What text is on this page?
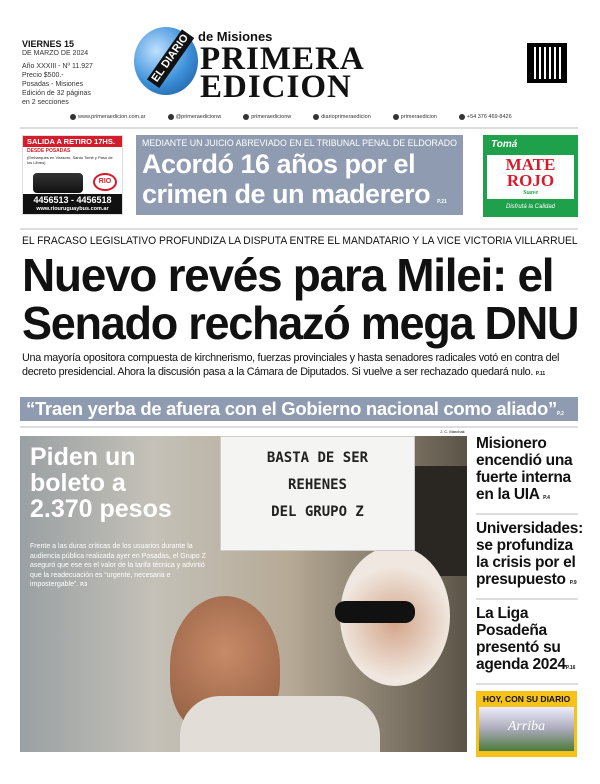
VIERNES 15
DE MARZO DE 2024
Año XXXIII - Nº 11.927
Precio $500.-
Posadas - Misiones
Edición de 32 páginas
en 2 secciones
EL DIARIO de Misiones
PRIMERA
EDICION
www.primeraedicion.com.ar	@primeraedicionw	primeraedicionw	diarioprimeraedicion	primeraedicion	+54 376 469-8426
SALIDA A RETIRO 17HS.
DESDE POSADAS
(Embarques en Virasoro, Santo Tomé y Paso de los Libres)
RIO
4456513 - 4456518
www.riouruguaybus.com.ar
MEDIANTE UN JUICIO ABREVIADO EN EL TRIBUNAL PENAL DE ELDORADO
Acordó 16 años por el
crimen de un maderero P.21
Tomá
MATE
ROJO
Suave
Disfrutá la Calidad
EL FRACASO LEGISLATIVO PROFUNDIZA LA DISPUTA ENTRE EL MANDATARIO Y LA VICE VICTORIA VILLARRUEL
Nuevo revés para Milei: el
Senado rechazó mega DNU
Una mayoría opositora compuesta de kirchnerismo, fuerzas provinciales y hasta senadores radicales votó en contra del decreto presidencial. Ahora la discusión pasa a la Cámara de Diputados. Si vuelve a ser rechazado quedará nulo. P.11
“Traen yerba de afuera con el Gobierno nacional como aliado”P.2
J. C. Marchak
BASTA DE SER
REHENES
DEL GRUPO Z
Piden un
boleto a
2.370 pesos
Frente a las duras críticas de los usuarios durante la audiencia pública realizada ayer en Posadas, el Grupo Z aseguró que ese es el valor de la tarifa técnica y advirtió que la readecuación es “urgente, necesaria e impostergable”. P.3
Misionero encendió una fuerte interna en la UIA P.4
Universidades: se profundiza la crisis por el presupuesto P.9
La Liga Posadeña presentó su agenda 2024P.16
HOY, CON SU DIARIO
Arriba
